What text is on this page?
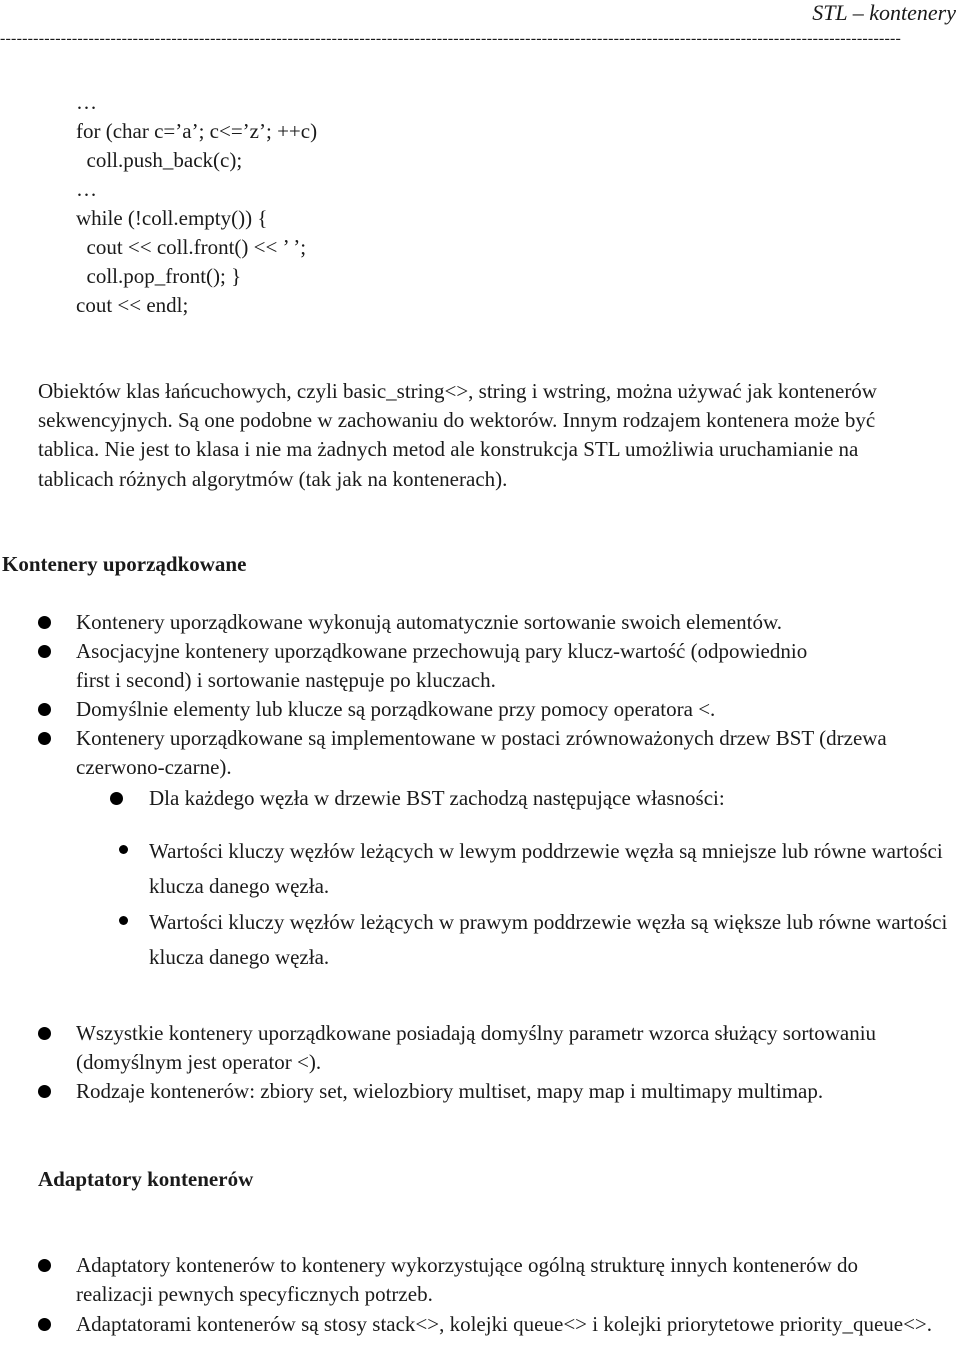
STL – kontenery
-------------------------------------------------------------------------------------------------------------------------------------------------------------------
…
for (char c=’a’; c<=’z’; ++c)
coll.push_back(c);
…
while (!coll.empty()) {
cout << coll.front() << ’ ’;
coll.pop_front(); }
cout << endl;
Obiektów klas łańcuchowych, czyli basic_string<>, string i wstring, można używać jak kontenerów sekwencyjnych. Są one podobne w zachowaniu do wektorów. Innym rodzajem kontenera może być tablica. Nie jest to klasa i nie ma żadnych metod ale konstrukcja STL umożliwia uruchamianie na tablicach różnych algorytmów (tak jak na kontenerach).
Kontenery uporządkowane
Kontenery uporządkowane wykonują automatycznie sortowanie swoich elementów.
Asocjacyjne kontenery uporządkowane przechowują pary klucz-wartość (odpowiednio first i second) i sortowanie następuje po kluczach.
Domyślnie elementy lub klucze są porządkowane przy pomocy operatora <.
Kontenery uporządkowane są implementowane w postaci zrównoważonych drzew BST (drzewa czerwono-czarne).
Dla każdego węzła w drzewie BST zachodzą następujące własności:
Wartości kluczy węzłów leżących w lewym poddrzewie węzła są mniejsze lub równe wartości klucza danego węzła.
Wartości kluczy węzłów leżących w prawym poddrzewie węzła są większe lub równe wartości klucza danego węzła.
Wszystkie kontenery uporządkowane posiadają domyślny parametr wzorca służący sortowaniu (domyślnym jest operator <).
Rodzaje kontenerów: zbiory set, wielozbiory multiset, mapy map i multimapy multimap.
Adaptatory kontenerów
Adaptatory kontenerów to kontenery wykorzystujące ogólną strukturę innych kontenerów do realizacji pewnych specyficznych potrzeb.
Adaptatorami kontenerów są stosy stack<>, kolejki queue<> i kolejki priorytetowe priority_queue<>.
